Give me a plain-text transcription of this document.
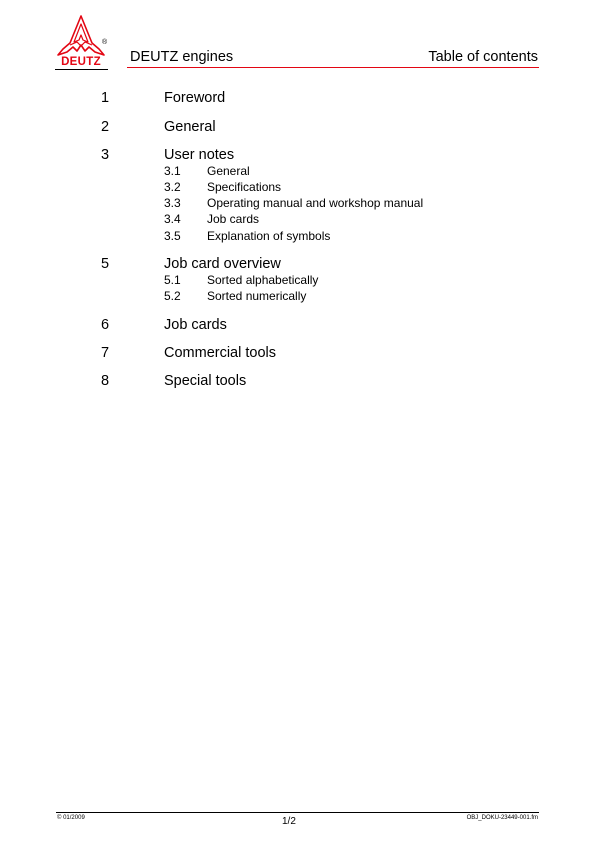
®
DEUTZ	DEUTZ engines	Table of contents
1	Foreword
2	General
3	User notes
3.1 General
3.2 Specifications
3.3 Operating manual and workshop manual
3.4 Job cards
3.5 Explanation of symbols
5	Job card overview
5.1 Sorted alphabetically
5.2 Sorted numerically
6	Job cards
7	Commercial tools
8	Special tools
© 01/2009	1/2	OBJ_DOKU-23449-001.fm
